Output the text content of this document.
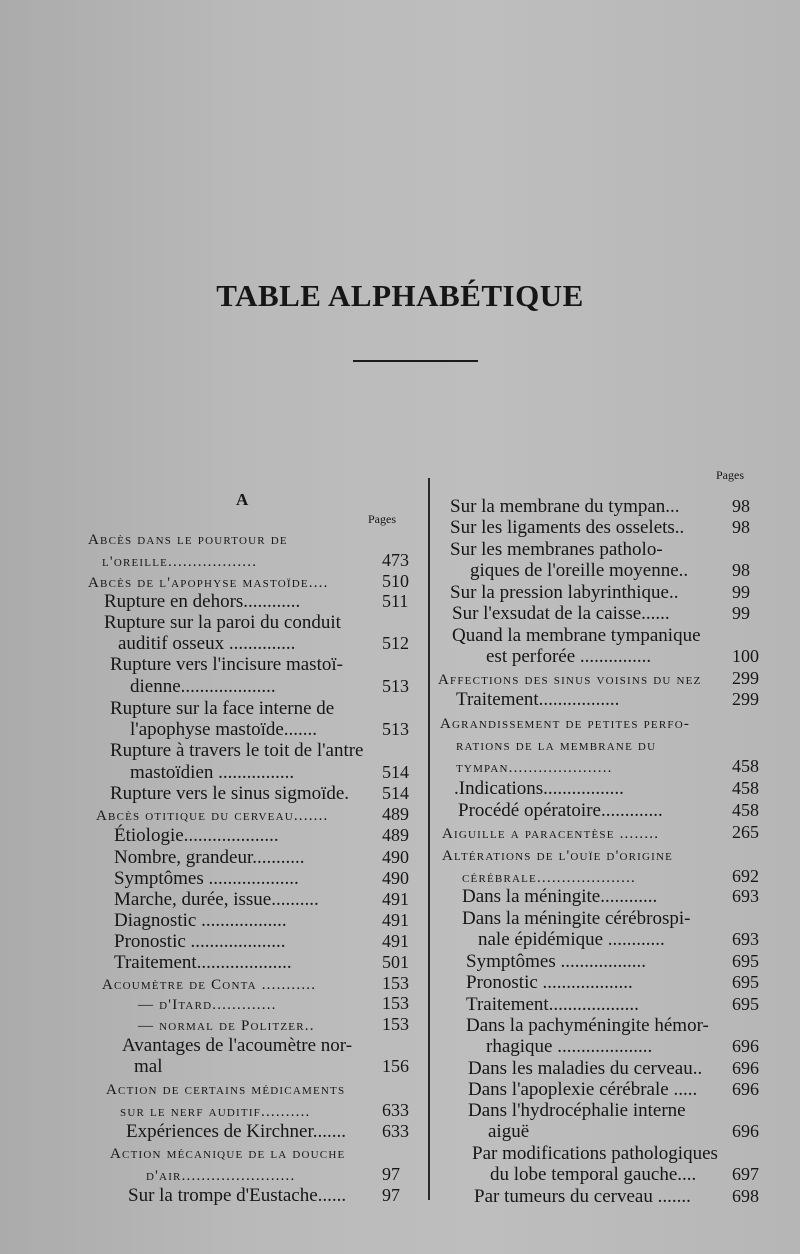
TABLE ALPHABÉTIQUE
A
Pages
Abcès dans le pourtour de
l'oreille..................	473
Abcès de l'apophyse mastoïde....	510
Rupture en dehors............	511
Rupture sur la paroi du conduit
auditif osseux ..............	512
Rupture vers l'incisure mastoï-
dienne....................	513
Rupture sur la face interne de
l'apophyse mastoïde.......	513
Rupture à travers le toit de l'antre
mastoïdien ................	514
Rupture vers le sinus sigmoïde. 514
Abcès otitique du cerveau.......	489
Étiologie....................	489
Nombre, grandeur...........	490
Symptômes ...................	490
Marche, durée, issue..........	491
Diagnostic ..................	491
Pronostic ....................	491
Traitement....................	501
Acoumètre de Conta ...........	153
— d'Itard.............	153
— normal de Politzer..	153
Avantages de l'acoumètre nor-
mal	156
Action de certains médicaments
sur le nerf auditif..........	633
Expériences de Kirchner....... 633
Action mécanique de la douche
d'air.......................	97
Sur la trompe d'Eustache...... 97
Pages
Sur la membrane du tympan...	98
Sur les ligaments des osselets..	98
Sur les membranes patholo-
giques de l'oreille moyenne.. 98
Sur la pression labyrinthique..	99
Sur l'exsudat de la caisse......	99
Quand la membrane tympanique
est perforée ...............	100
Affections des sinus voisins du nez 299
Traitement.................	299
Agrandissement de petites perfo-
rations de la membrane du
tympan.....................	458
.Indications.................	458
Procédé opératoire.............	458
Aiguille a paracentèse ........	265
Altérations de l'ouïe d'origine
cérébrale....................	692
Dans la méningite............	693
Dans la méningite cérébrospi-
nale épidémique ............	693
Symptômes ..................	695
Pronostic ...................	695
Traitement...................	695
Dans la pachyméningite hémor-
rhagique ....................	696
Dans les maladies du cerveau.. 696
Dans l'apoplexie cérébrale ..... 696
Dans l'hydrocéphalie interne
aiguë	696
Par modifications pathologiques
du lobe temporal gauche.... 697
Par tumeurs du cerveau ....... 698
